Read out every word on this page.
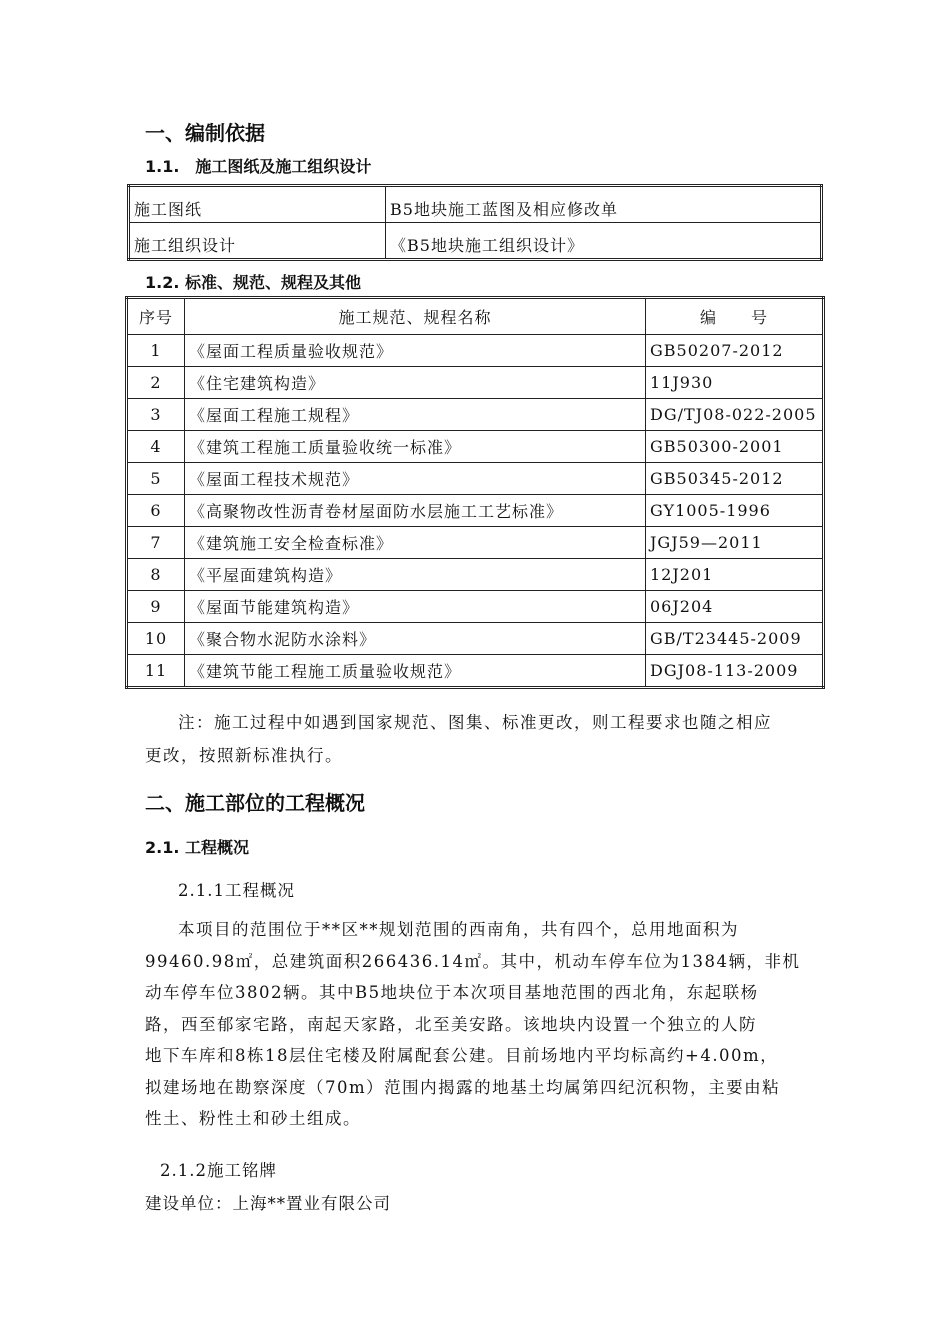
一、编制依据
1.1.　施工图纸及施工组织设计
施工图纸	B5地块施工蓝图及相应修改单
施工组织设计	《B5地块施工组织设计》
1.2. 标准、规范、规程及其他
序号	施工规范、规程名称	编　　号
1	《屋面工程质量验收规范》	GB50207-2012
2	《住宅建筑构造》	11J930
3	《屋面工程施工规程》	DG/TJ08-022-2005
4	《建筑工程施工质量验收统一标准》	GB50300-2001
5	《屋面工程技术规范》	GB50345-2012
6	《高聚物改性沥青卷材屋面防水层施工工艺标准》	GY1005-1996
7	《建筑施工安全检查标准》	JGJ59—2011
8	《平屋面建筑构造》	12J201
9	《屋面节能建筑构造》	06J204
10	《聚合物水泥防水涂料》	GB/T23445-2009
11	《建筑节能工程施工质量验收规范》	DGJ08-113-2009
注：施工过程中如遇到国家规范、图集、标准更改，则工程要求也随之相应
更改，按照新标准执行。
二、施工部位的工程概况
2.1. 工程概况
2.1.1工程概况
本项目的范围位于**区**规划范围的西南角，共有四个，总用地面积为
99460.98㎡，总建筑面积266436.14㎡。其中，机动车停车位为1384辆，非机
动车停车位3802辆。其中B5地块位于本次项目基地范围的西北角，东起联杨
路，西至郁家宅路，南起天家路，北至美安路。该地块内设置一个独立的人防
地下车库和8栋18层住宅楼及附属配套公建。目前场地内平均标高约+4.00m，
拟建场地在勘察深度（70m）范围内揭露的地基土均属第四纪沉积物，主要由粘
性土、粉性土和砂土组成。
2.1.2施工铭牌
建设单位：上海**置业有限公司
